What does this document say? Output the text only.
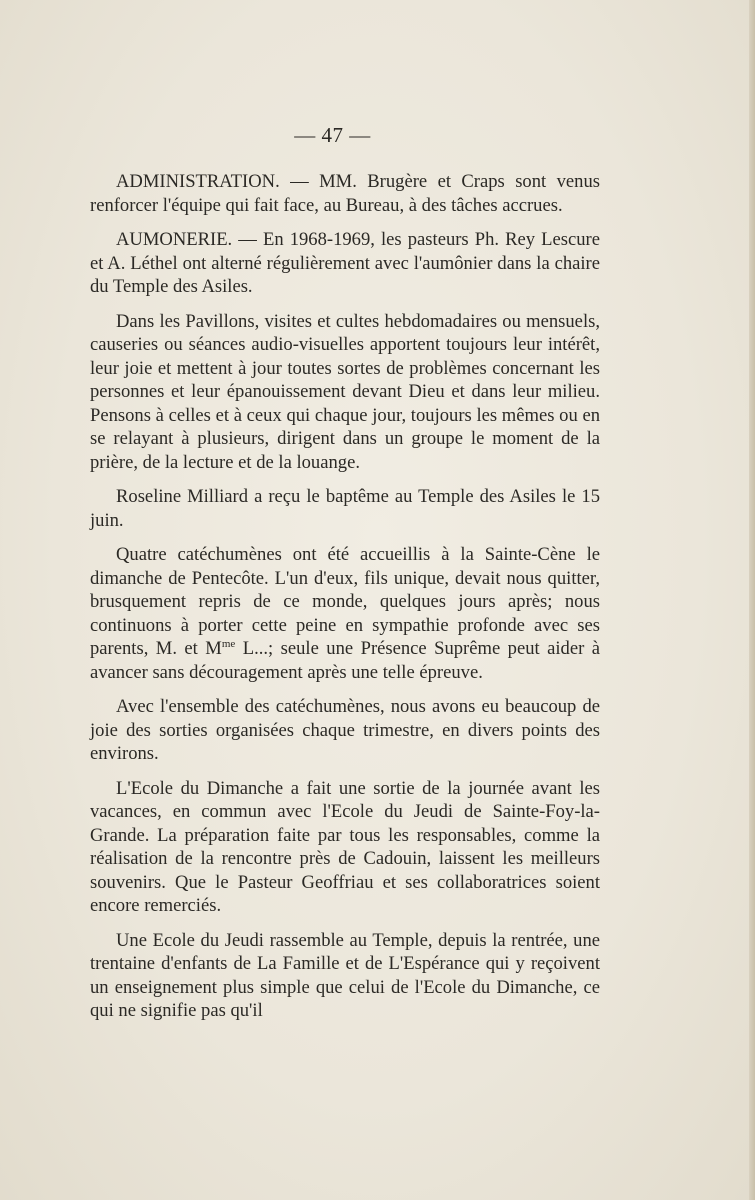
— 47 —

ADMINISTRATION. — MM. Brugère et Craps sont venus renforcer l'équipe qui fait face, au Bureau, à des tâches accrues.

AUMONERIE. — En 1968-1969, les pasteurs Ph. Rey Lescure et A. Léthel ont alterné régulièrement avec l'aumônier dans la chaire du Temple des Asiles.

Dans les Pavillons, visites et cultes hebdomadaires ou mensuels, causeries ou séances audio-visuelles apportent toujours leur intérêt, leur joie et mettent à jour toutes sortes de problèmes concernant les personnes et leur épanouissement devant Dieu et dans leur milieu. Pensons à celles et à ceux qui chaque jour, toujours les mêmes ou en se relayant à plusieurs, dirigent dans un groupe le moment de la prière, de la lecture et de la louange.

Roseline Milliard a reçu le baptême au Temple des Asiles le 15 juin.

Quatre catéchumènes ont été accueillis à la Sainte-Cène le dimanche de Pentecôte. L'un d'eux, fils unique, devait nous quitter, brusquement repris de ce monde, quelques jours après; nous continuons à porter cette peine en sympathie profonde avec ses parents, M. et $M^{me}$ L...; seule une Présence Suprême peut aider à avancer sans découragement après une telle épreuve.

Avec l'ensemble des catéchumènes, nous avons eu beaucoup de joie des sorties organisées chaque trimestre, en divers points des environs.

L'Ecole du Dimanche a fait une sortie de la journée avant les vacances, en commun avec l'Ecole du Jeudi de Sainte-Foy-la-Grande. La préparation faite par tous les responsables, comme la réalisation de la rencontre près de Cadouin, laissent les meilleurs souvenirs. Que le Pasteur Geoffriau et ses collaboratrices soient encore remerciés.

Une Ecole du Jeudi rassemble au Temple, depuis la rentrée, une trentaine d'enfants de La Famille et de L'Espérance qui y reçoivent un enseignement plus simple que celui de l'Ecole du Dimanche, ce qui ne signifie pas qu'il
